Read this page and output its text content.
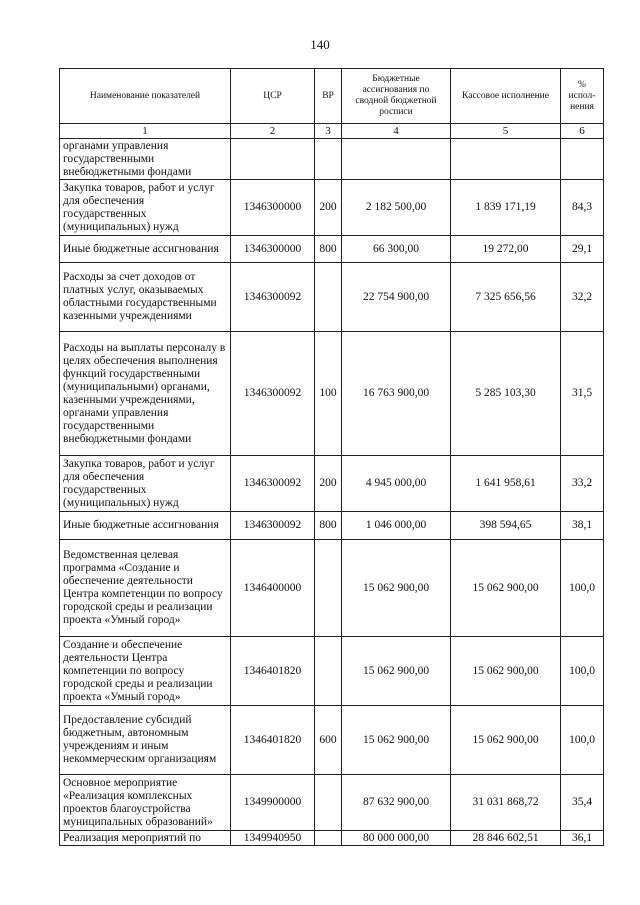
140
Наименование показателей	ЦСР	ВР	Бюджетные ассигнования по сводной бюджетной росписи	Кассовое исполнение	% испол-нения
1	2	3	4	5	6
органами управления государственными внебюджетными фондами					
Закупка товаров, работ и услуг для обеспечения государственных (муниципальных) нужд	1346300000	200	2 182 500,00	1 839 171,19	84,3
Иные бюджетные ассигнования	1346300000	800	66 300,00	19 272,00	29,1
Расходы за счет доходов от платных услуг, оказываемых областными государственными казенными учреждениями	1346300092		22 754 900,00	7 325 656,56	32,2
Расходы на выплаты персоналу в целях обеспечения выполнения функций государственными (муниципальными) органами, казенными учреждениями, органами управления государственными внебюджетными фондами	1346300092	100	16 763 900,00	5 285 103,30	31,5
Закупка товаров, работ и услуг для обеспечения государственных (муниципальных) нужд	1346300092	200	4 945 000,00	1 641 958,61	33,2
Иные бюджетные ассигнования	1346300092	800	1 046 000,00	398 594,65	38,1
Ведомственная целевая программа «Создание и обеспечение деятельности Центра компетенции по вопросу городской среды и реализации проекта «Умный город»	1346400000		15 062 900,00	15 062 900,00	100,0
Создание и обеспечение деятельности Центра компетенции по вопросу городской среды и реализации проекта «Умный город»	1346401820		15 062 900,00	15 062 900,00	100,0
Предоставление субсидий бюджетным, автономным учреждениям и иным некоммерческим организациям	1346401820	600	15 062 900,00	15 062 900,00	100,0
Основное мероприятие «Реализация комплексных проектов благоустройства муниципальных образований»	1349900000		87 632 900,00	31 031 868,72	35,4
Реализация мероприятий по	1349940950		80 000 000,00	28 846 602,51	36,1
